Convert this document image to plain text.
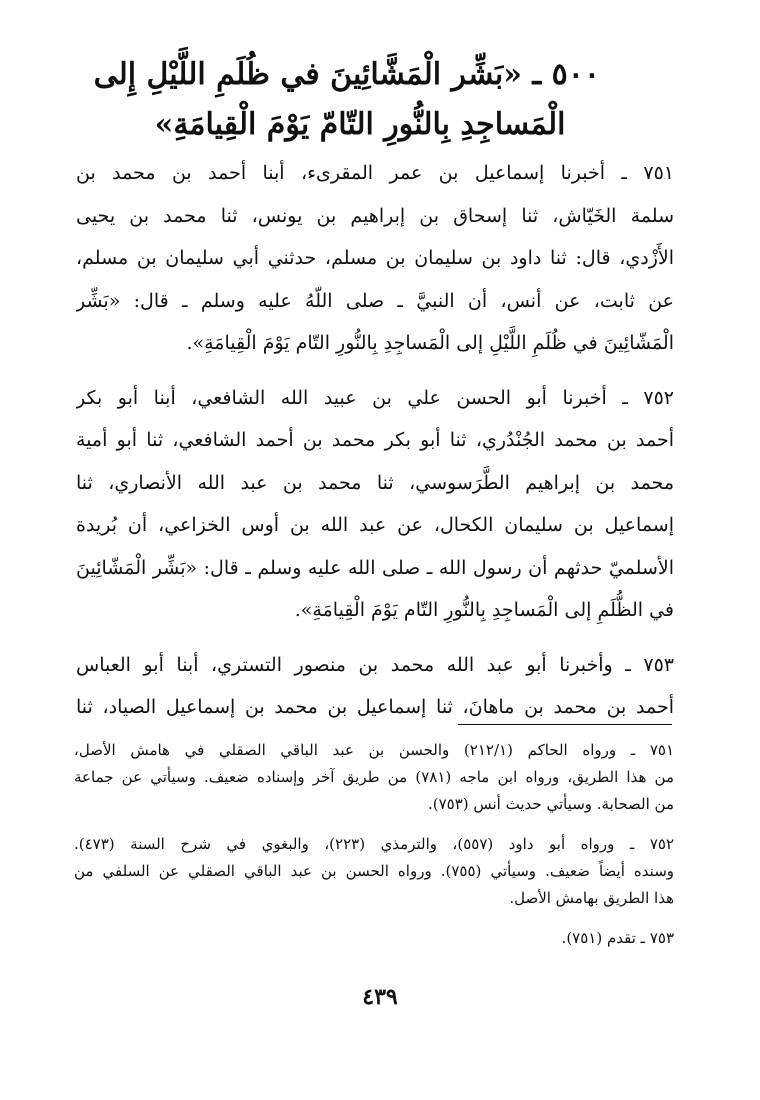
٥٠٠ ـ «بَشِّر الْمَشَّائِينَ في ظُلَمِ اللَّيْلِ إِلى
الْمَساجِدِ بِالنُّورِ التّامّ يَوْمَ الْقِيامَةِ»
٧٥١ ـ أخبرنا إسماعيل بن عمر المقرىء، أبنا أحمد بن محمد بن
سلمة الخَيّاش، ثنا إسحاق بن إبراهيم بن يونس، ثنا محمد بن يحيى
الأَزْدي، قال: ثنا داود بن سليمان بن مسلم، حدثني أبي سليمان بن مسلم،
عن ثابت، عن أنس، أن النبيَّ ـ صلى اللّهُ عليه وسلم ـ قال: «بَشِّر
الْمَشّائِينَ في ظُلَمِ اللَّيْلِ إلى الْمَساجِدِ بِالنُّورِ التّام يَوْمَ الْقِيامَةِ».
٧٥٢ ـ أخبرنا أبو الحسن علي بن عبيد الله الشافعي، أبنا أبو بكر
أحمد بن محمد الجُنْدُري، ثنا أبو بكر محمد بن أحمد الشافعي، ثنا أبو أمية
محمد بن إبراهيم الطَّرَسوسي، ثنا محمد بن عبد الله الأنصاري، ثنا
إسماعيل بن سليمان الكحال، عن عبد الله بن أوس الخزاعي، أن بُريدة
الأسلميّ حدثهم أن رسول الله ـ صلى الله عليه وسلم ـ قال: «بَشِّر الْمَشّائِينَ
في الظُّلَمِ إلى الْمَساجِدِ بِالنُّورِ التّام يَوْمَ الْقِيامَةِ».
٧٥٣ ـ وأخبرنا أبو عبد الله محمد بن منصور التستري، أبنا أبو العباس
أحمد بن محمد بن ماهانَ، ثنا إسماعيل بن محمد بن إسماعيل الصياد، ثنا
٧٥١ ـ ورواه الحاكم (٢١٢/١) والحسن بن عبد الباقي الصقلي في هامش الأصل،
من هذا الطريق، ورواه ابن ماجه (٧٨١) من طريق آخر وإسناده ضعيف. وسيأتي عن جماعة
من الصحابة. وسيأتي حديث أنس (٧٥٣).
٧٥٢ ـ ورواه أبو داود (٥٥٧)، والترمذي (٢٢٣)، والبغوي في شرح السنة (٤٧٣).
وسنده أيضاً ضعيف. وسيأتي (٧٥٥). ورواه الحسن بن عبد الباقي الصقلي عن السلفي من
هذا الطريق بهامش الأصل.
٧٥٣ ـ تقدم (٧٥١).
٤٣٩
